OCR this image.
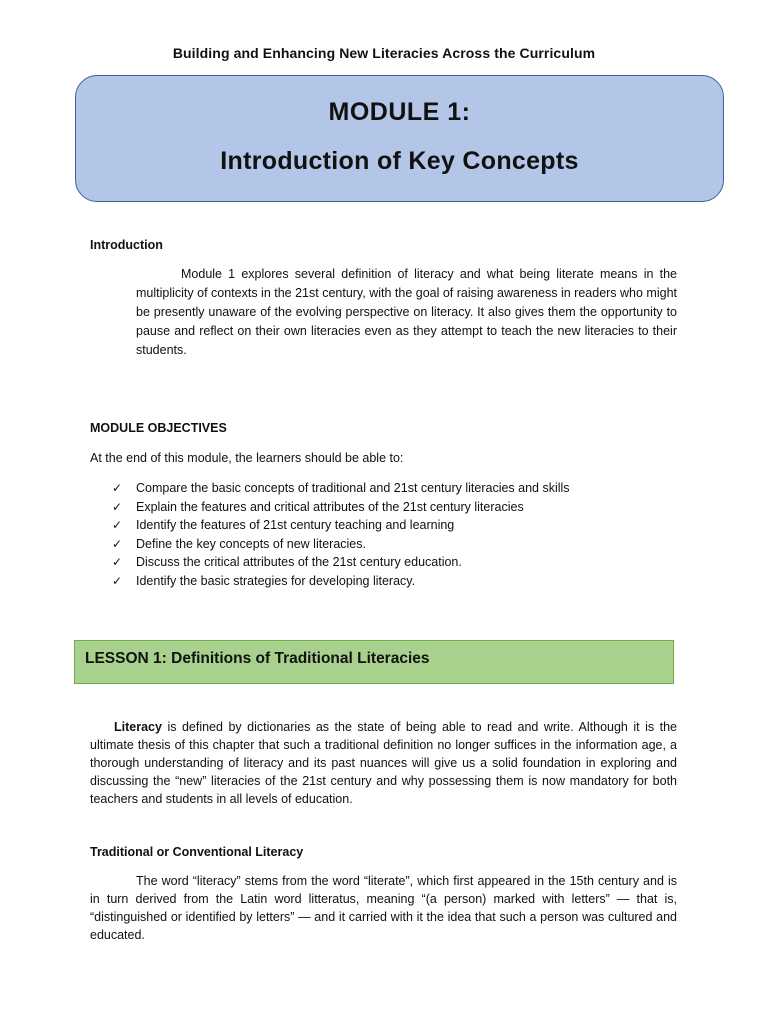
Building and Enhancing New Literacies Across the Curriculum
MODULE 1:
Introduction of Key Concepts
Introduction
Module 1 explores several definition of literacy and what being literate means in the multiplicity of contexts in the 21st century, with the goal of raising awareness in readers who might be presently unaware of the evolving perspective on literacy. It also gives them the opportunity to pause and reflect on their own literacies even as they attempt to teach the new literacies to their students.
MODULE OBJECTIVES
At the end of this module, the learners should be able to:
✓	Compare the basic concepts of traditional and 21st century literacies and skills
✓	Explain the features and critical attributes of the 21st century literacies
✓	Identify the features of 21st century teaching and learning
✓	Define the key concepts of new literacies.
✓	Discuss the critical attributes of the 21st century education.
✓	Identify the basic strategies for developing literacy.
LESSON 1: Definitions of Traditional Literacies
Literacy is defined by dictionaries as the state of being able to read and write. Although it is the ultimate thesis of this chapter that such a traditional definition no longer suffices in the information age, a thorough understanding of literacy and its past nuances will give us a solid foundation in exploring and discussing the “new” literacies of the 21st century and why possessing them is now mandatory for both teachers and students in all levels of education.
Traditional or Conventional Literacy
The word “literacy” stems from the word “literate”, which first appeared in the 15th century and is in turn derived from the Latin word litteratus, meaning “(a person) marked with letters” — that is, “distinguished or identified by letters” — and it carried with it the idea that such a person was cultured and educated.
